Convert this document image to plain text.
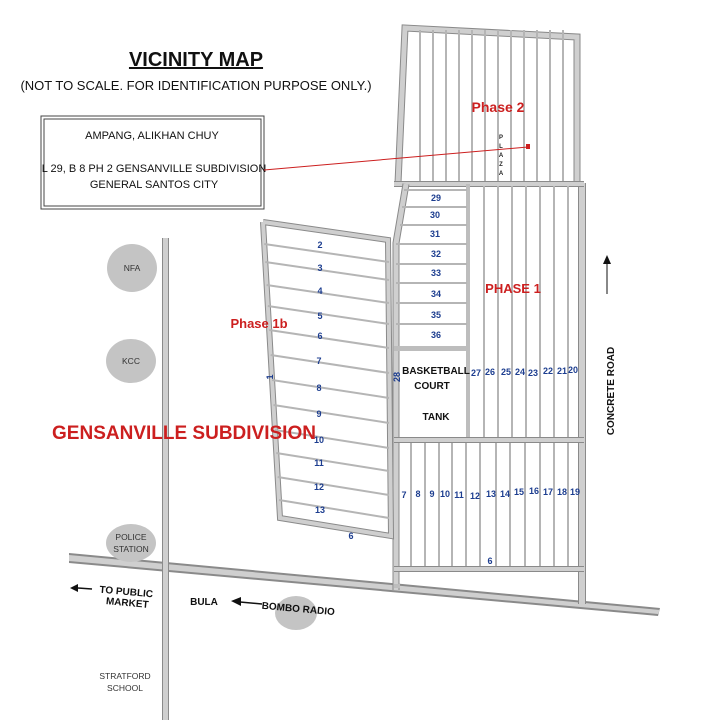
VICINITY MAP
(NOT TO SCALE. FOR IDENTIFICATION PURPOSE ONLY.)
AMPANG, ALIKHAN CHUY
L 29, B 8 PH 2 GENSANVILLE SUBDIVISION
GENERAL SANTOS CITY
Phase 2
PHASE 1
Phase 1b
GENSANVILLE SUBDIVISION
P
L
A
Z
A
BASKETBALL
COURT
TANK
2
3
4
5
6
7
8
9
10
11
12
13
1
6
29
30
31
32
33
34
35
36
27 26 25 24 23 22 21 20
28
7 8 9 10 11 12 13 14 15 16 17 18 19
6
CONCRETE ROAD
NFA
KCC
POLICE
STATION
BOMBO RADIO
STRATFORD
SCHOOL
TO PUBLIC
MARKET	BULA
